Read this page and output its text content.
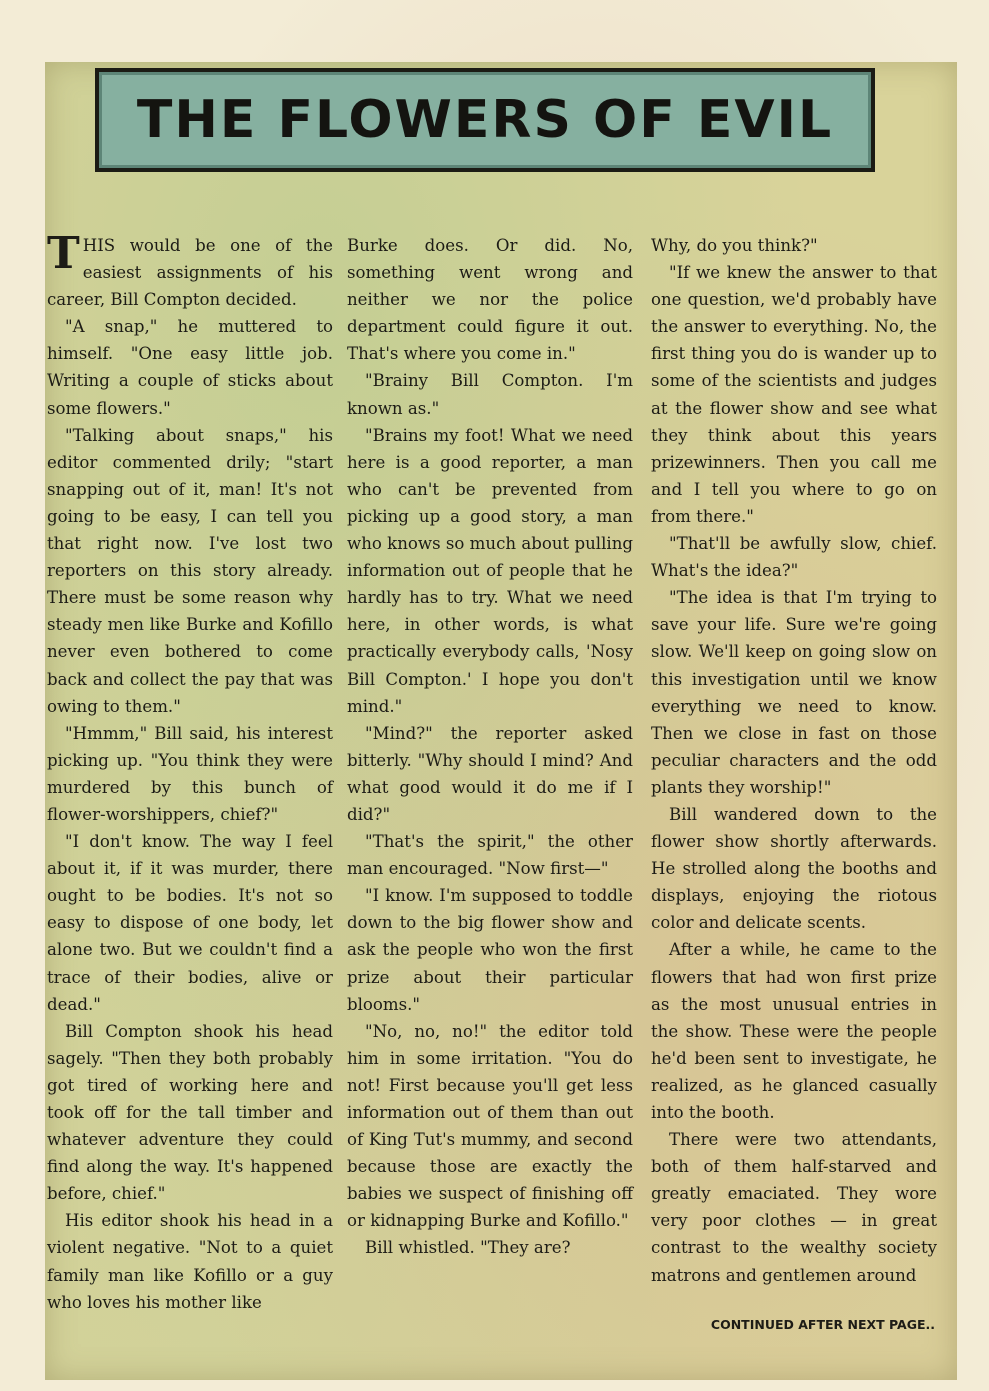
THE FLOWERS OF EVIL

THIS would be one of the easiest assignments of his career, Bill Compton decided.

"A snap," he muttered to himself. "One easy little job. Writing a couple of sticks about some flowers."

"Talking about snaps," his editor commented drily; "start snapping out of it, man! It's not going to be easy, I can tell you that right now. I've lost two reporters on this story already. There must be some reason why steady men like Burke and Kofillo never even bothered to come back and collect the pay that was owing to them."

"Hmmm," Bill said, his interest picking up. "You think they were murdered by this bunch of flower-worshippers, chief?"

"I don't know. The way I feel about it, if it was murder, there ought to be bodies. It's not so easy to dispose of one body, let alone two. But we couldn't find a trace of their bodies, alive or dead."

Bill Compton shook his head sagely. "Then they both probably got tired of working here and took off for the tall timber and whatever adventure they could find along the way. It's happened before, chief."

His editor shook his head in a violent negative. "Not to a quiet family man like Kofillo or a guy who loves his mother like

Burke does. Or did. No, something went wrong and neither we nor the police department could figure it out. That's where you come in."

"Brainy Bill Compton. I'm known as."

"Brains my foot! What we need here is a good reporter, a man who can't be prevented from picking up a good story, a man who knows so much about pulling information out of people that he hardly has to try. What we need here, in other words, is what practically everybody calls, 'Nosy Bill Compton.' I hope you don't mind."

"Mind?" the reporter asked bitterly. "Why should I mind? And what good would it do me if I did?"

"That's the spirit," the other man encouraged. "Now first—"

"I know. I'm supposed to toddle down to the big flower show and ask the people who won the first prize about their particular blooms."

"No, no, no!" the editor told him in some irritation. "You do not! First because you'll get less information out of them than out of King Tut's mummy, and second because those are exactly the babies we suspect of finishing off or kidnapping Burke and Kofillo."

Bill whistled. "They are?

Why, do you think?"

"If we knew the answer to that one question, we'd probably have the answer to everything. No, the first thing you do is wander up to some of the scientists and judges at the flower show and see what they think about this years prizewinners. Then you call me and I tell you where to go on from there."

"That'll be awfully slow, chief. What's the idea?"

"The idea is that I'm trying to save your life. Sure we're going slow. We'll keep on going slow on this investigation until we know everything we need to know. Then we close in fast on those peculiar characters and the odd plants they worship!"

Bill wandered down to the flower show shortly afterwards. He strolled along the booths and displays, enjoying the riotous color and delicate scents.

After a while, he came to the flowers that had won first prize as the most unusual entries in the show. These were the people he'd been sent to investigate, he realized, as he glanced casually into the booth.

There were two attendants, both of them half-starved and greatly emaciated. They wore very poor clothes — in great contrast to the wealthy society matrons and gentlemen around

CONTINUED AFTER NEXT PAGE..
